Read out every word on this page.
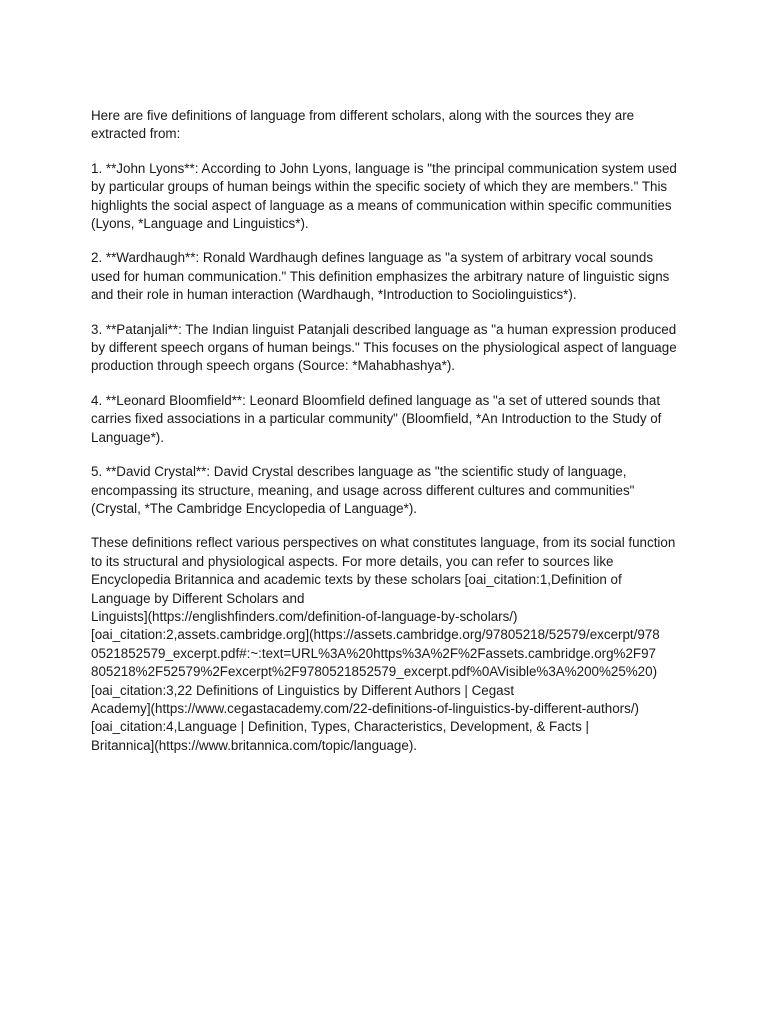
Here are five definitions of language from different scholars, along with the sources they are extracted from:

1. **John Lyons**: According to John Lyons, language is "the principal communication system used by particular groups of human beings within the specific society of which they are members." This highlights the social aspect of language as a means of communication within specific communities (Lyons, *Language and Linguistics*).

2. **Wardhaugh**: Ronald Wardhaugh defines language as "a system of arbitrary vocal sounds used for human communication." This definition emphasizes the arbitrary nature of linguistic signs and their role in human interaction (Wardhaugh, *Introduction to Sociolinguistics*).

3. **Patanjali**: The Indian linguist Patanjali described language as "a human expression produced by different speech organs of human beings." This focuses on the physiological aspect of language production through speech organs (Source: *Mahabhashya*).

4. **Leonard Bloomfield**: Leonard Bloomfield defined language as "a set of uttered sounds that carries fixed associations in a particular community" (Bloomfield, *An Introduction to the Study of Language*).

5. **David Crystal**: David Crystal describes language as "the scientific study of language, encompassing its structure, meaning, and usage across different cultures and communities" (Crystal, *The Cambridge Encyclopedia of Language*).

These definitions reflect various perspectives on what constitutes language, from its social function to its structural and physiological aspects. For more details, you can refer to sources like Encyclopedia Britannica and academic texts by these scholars [oai_citation:1,Definition of Language by Different Scholars and
Linguists](https://englishfinders.com/definition-of-language-by-scholars/)
[oai_citation:2,assets.cambridge.org](https://assets.cambridge.org/97805218/52579/excerpt/978
0521852579_excerpt.pdf#:~:text=URL%3A%20https%3A%2F%2Fassets.cambridge.org%2F97
805218%2F52579%2Fexcerpt%2F9780521852579_excerpt.pdf%0AVisible%3A%200%25%20)
[oai_citation:3,22 Definitions of Linguistics by Different Authors | Cegast
Academy](https://www.cegastacademy.com/22-definitions-of-linguistics-by-different-authors/)
[oai_citation:4,Language | Definition, Types, Characteristics, Development, & Facts |
Britannica](https://www.britannica.com/topic/language).
